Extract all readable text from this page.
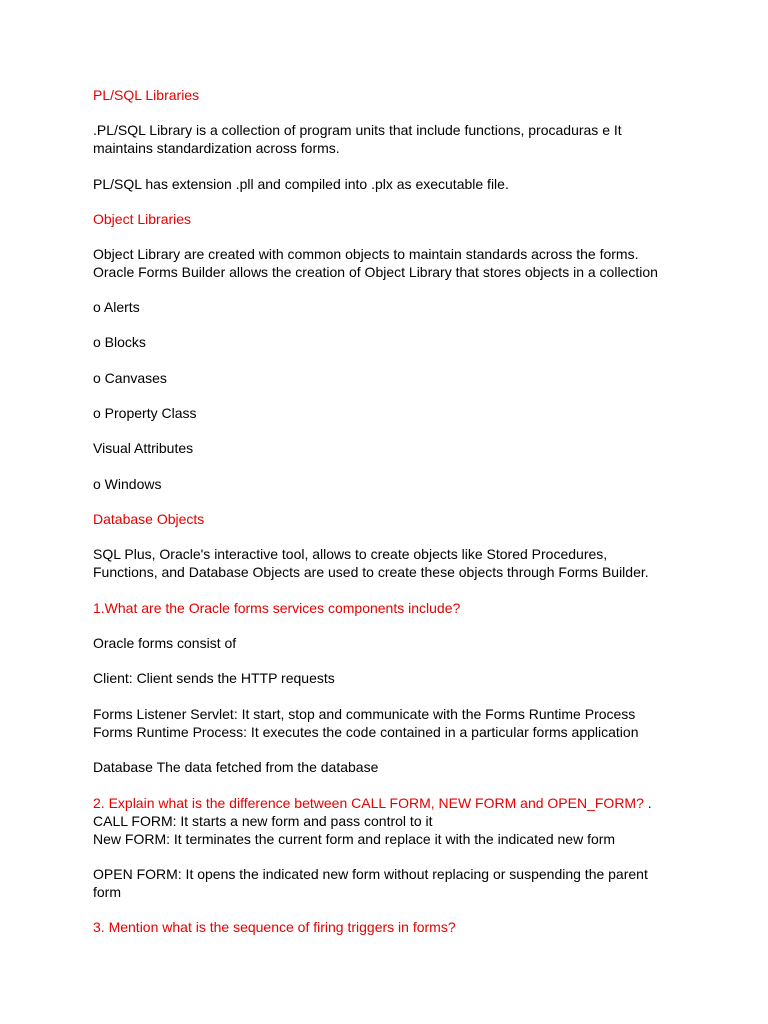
PL/SQL Libraries
.PL/SQL Library is a collection of program units that include functions, procaduras e It
maintains standardization across forms.
PL/SQL has extension .pll and compiled into .plx as executable file.
Object Libraries
Object Library are created with common objects to maintain standards across the forms.
Oracle Forms Builder allows the creation of Object Library that stores objects in a collection
o Alerts
o Blocks
o Canvases
o Property Class
Visual Attributes
o Windows
Database Objects
SQL Plus, Oracle's interactive tool, allows to create objects like Stored Procedures,
Functions, and Database Objects are used to create these objects through Forms Builder.
1.What are the Oracle forms services components include?
Oracle forms consist of
Client: Client sends the HTTP requests
Forms Listener Servlet: It start, stop and communicate with the Forms Runtime Process
Forms Runtime Process: It executes the code contained in a particular forms application
Database The data fetched from the database
2. Explain what is the difference between CALL FORM, NEW FORM and OPEN_FORM? .
CALL FORM: It starts a new form and pass control to it
New FORM: It terminates the current form and replace it with the indicated new form
OPEN FORM: It opens the indicated new form without replacing or suspending the parent
form
3. Mention what is the sequence of firing triggers in forms?
